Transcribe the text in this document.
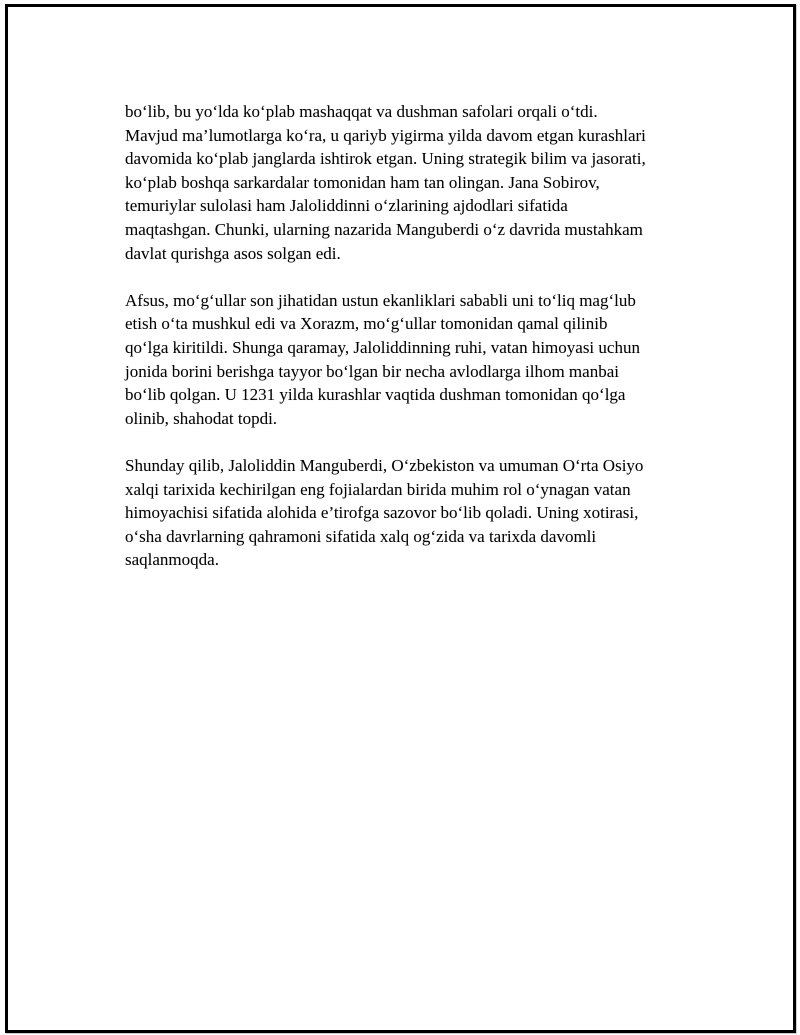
bo‘lib, bu yo‘lda ko‘plab mashaqqat va dushman safolari orqali o‘tdi.
Mavjud ma’lumotlarga ko‘ra, u qariyb yigirma yilda davom etgan kurashlari
davomida ko‘plab janglarda ishtirok etgan. Uning strategik bilim va jasorati,
ko‘plab boshqa sarkardalar tomonidan ham tan olingan. Jana Sobirov,
temuriylar sulolasi ham Jaloliddinni o‘zlarining ajdodlari sifatida
maqtashgan. Chunki, ularning nazarida Manguberdi o‘z davrida mustahkam
davlat qurishga asos solgan edi.

Afsus, mo‘g‘ullar son jihatidan ustun ekanliklari sababli uni to‘liq mag‘lub
etish o‘ta mushkul edi va Xorazm, mo‘g‘ullar tomonidan qamal qilinib
qo‘lga kiritildi. Shunga qaramay, Jaloliddinning ruhi, vatan himoyasi uchun
jonida borini berishga tayyor bo‘lgan bir necha avlodlarga ilhom manbai
bo‘lib qolgan. U 1231 yilda kurashlar vaqtida dushman tomonidan qo‘lga
olinib, shahodat topdi.

Shunday qilib, Jaloliddin Manguberdi, O‘zbekiston va umuman O‘rta Osiyo
xalqi tarixida kechirilgan eng fojialardan birida muhim rol o‘ynagan vatan
himoyachisi sifatida alohida e’tirofga sazovor bo‘lib qoladi. Uning xotirasi,
o‘sha davrlarning qahramoni sifatida xalq og‘zida va tarixda davomli
saqlanmoqda.
